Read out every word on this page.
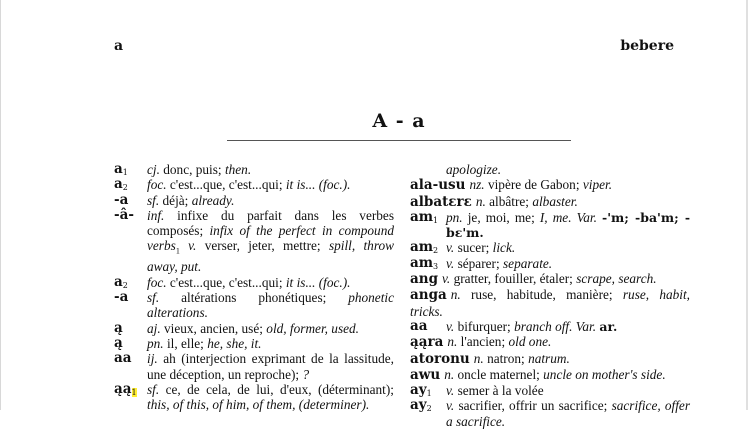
a	bebere
A - a
$a_1$ cj. donc, puis; then.
$a_2$ foc. c'est...que, c'est...qui; it is... (foc.).
-a sf. déjà; already.
-â- inf. infixe du parfait dans les verbes composés; infix of the perfect in compound verbs$_1$ v. verser, jeter, mettre; spill, throw away, put.
$a_2$ foc. c'est...que, c'est...qui; it is... (foc.).
-a sf. altérations phonétiques; phonetic alterations.
ą aj. vieux, ancien, usé; old, former, used.
ą pn. il, elle; he, she, it.
aa ij. ah (interjection exprimant de la lassitude, une déception, un reproche); ?
$ąą_1$ sf. ce, de cela, de lui, d'eux, (déterminant); this, of this, of him, of them, (determiner).
apologize.
ala-usu nz. vipère de Gabon; viper.
albatɛrɛ n. albâtre; albaster.
$am_1$ pn. je, moi, me; I, me. Var. -'m; -ba'm; -bɛ'm.
$am_2$ v. sucer; lick.
$am_3$ v. séparer; separate.
ang v. gratter, fouiller, étaler; scrape, search.
anga n. ruse, habitude, manière; ruse, habit, tricks.
aa v. bifurquer; branch off. Var. ar.
ąąra n. l'ancien; old one.
atoronu n. natron; natrum.
awu n. oncle maternel; uncle on mother's side.
$ay_1$ v. semer à la volée
$ay_2$ v. sacrifier, offrir un sacrifice; sacrifice, offer a sacrifice.
